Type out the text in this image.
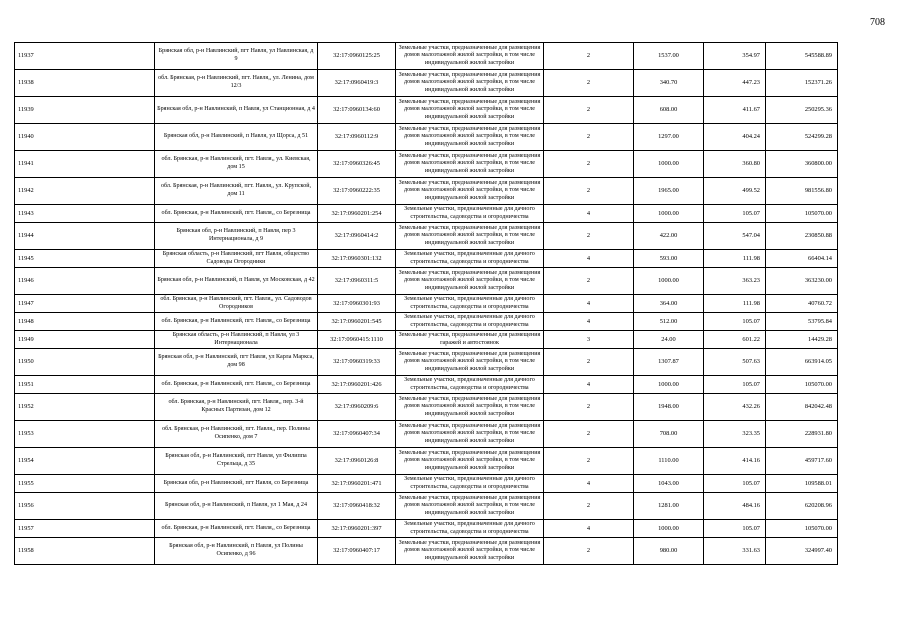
708
11937	Брянская обл, р-н Навлинский, пгт Навля, ул Навлинская, д 9	32:17:0960125:25	Земельные участки, предназначенные для размещения домов малоэтажной жилой застройки, в том числе индивидуальной жилой застройки	2	1537.00	354.97	545588.89
11938	обл. Брянская, р-н Навлинский, пгт. Навля,, ул. Ленина, дом 12/3	32:17:0960419:3	Земельные участки, предназначенные для размещения домов малоэтажной жилой застройки, в том числе индивидуальной жилой застройки	2	340.70	447.23	152371.26
11939	Брянская обл, р-н Навлинский, п Навля, ул Станционная, д 4	32:17:0960134:60	Земельные участки, предназначенные для размещения домов малоэтажной жилой застройки, в том числе индивидуальной жилой застройки	2	608.00	411.67	250295.36
11940	Брянская обл, р-н Навлинский, п Навля, ул Щорса, д 51	32:17:0960112:9	Земельные участки, предназначенные для размещения домов малоэтажной жилой застройки, в том числе индивидуальной жилой застройки	2	1297.00	404.24	524299.28
11941	обл. Брянская, р-н Навлинский, пгт. Навля,, ул. Киевская, дом 15	32:17:0960326:45	Земельные участки, предназначенные для размещения домов малоэтажной жилой застройки, в том числе индивидуальной жилой застройки	2	1000.00	360.80	360800.00
11942	обл. Брянская, р-н Навлинский, пгт. Навля,, ул. Крупской, дом 11	32:17:0960222:35	Земельные участки, предназначенные для размещения домов малоэтажной жилой застройки, в том числе индивидуальной жилой застройки	2	1965.00	499.52	981556.80
11943	обл. Брянская, р-н Навлинский, пгт. Навля,, со Березница	32:17:0960201:254	Земельные участки, предназначенные для дачного строительства, садоводства и огородничества	4	1000.00	105.07	105070.00
11944	Брянская обл, р-н Навлинский, п Навля, пер 3 Интернационала, д 9	32:17:0960414:2	Земельные участки, предназначенные для размещения домов малоэтажной жилой застройки, в том числе индивидуальной жилой застройки	2	422.00	547.04	230850.88
11945	Брянская область, р-н Навлинский, пгт Навля, общество Садоводы Огородники	32:17:0960301:132	Земельные участки, предназначенные для дачного строительства, садоводства и огородничества	4	593.00	111.98	66404.14
11946	Брянская обл, р-н Навлинский, п Навля, ул Московская, д 42	32:17:0960311:5	Земельные участки, предназначенные для размещения домов малоэтажной жилой застройки, в том числе индивидуальной жилой застройки	2	1000.00	363.23	363230.00
11947	обл. Брянская, р-н Навлинский, пгт. Навля,, ул. Садоводов Огородников	32:17:0960301:93	Земельные участки, предназначенные для дачного строительства, садоводства и огородничества	4	364.00	111.98	40760.72
11948	обл. Брянская, р-н Навлинский, пгт. Навля,, со Березница	32:17:0960201:545	Земельные участки, предназначенные для дачного строительства, садоводства и огородничества	4	512.00	105.07	53795.84
11949	Брянская область, р-н Навлинский, п Навля, ул 3 Интернационала	32:17:0960415:1110	Земельные участки, предназначенные для размещения гаражей и автостоянок	3	24.00	601.22	14429.28
11950	Брянская обл, р-н Навлинский, пгт Навля, ул Карла Маркса, дом 98	32:17:0960319:33	Земельные участки, предназначенные для размещения домов малоэтажной жилой застройки, в том числе индивидуальной жилой застройки	2	1307.87	507.63	663914.05
11951	обл. Брянская, р-н Навлинский, пгт. Навля,, со Березница	32:17:0960201:426	Земельные участки, предназначенные для дачного строительства, садоводства и огородничества	4	1000.00	105.07	105070.00
11952	обл. Брянская, р-н Навлинский, пгт. Навля,, пер. 3-й Красных Партизан, дом 12	32:17:0960209:6	Земельные участки, предназначенные для размещения домов малоэтажной жилой застройки, в том числе индивидуальной жилой застройки	2	1948.00	432.26	842042.48
11953	обл. Брянская, р-н Навлинский, пгт. Навля,, пер. Полины Осипенко, дом 7	32:17:0960407:34	Земельные участки, предназначенные для размещения домов малоэтажной жилой застройки, в том числе индивидуальной жилой застройки	2	708.00	323.35	228931.80
11954	Брянская обл, р-н Навлинский, пгт Навля, ул Филиппа Стрельца, д 35	32:17:0960126:8	Земельные участки, предназначенные для размещения домов малоэтажной жилой застройки, в том числе индивидуальной жилой застройки	2	1110.00	414.16	459717.60
11955	Брянская обл, р-н Навлинский, пгт Навля, со Березница	32:17:0960201:471	Земельные участки, предназначенные для дачного строительства, садоводства и огородничества	4	1043.00	105.07	109588.01
11956	Брянская обл, р-н Навлинский, п Навля, ул 1 Мая, д 24	32:17:0960418:32	Земельные участки, предназначенные для размещения домов малоэтажной жилой застройки, в том числе индивидуальной жилой застройки	2	1281.00	484.16	620208.96
11957	обл. Брянская, р-н Навлинский, пгт. Навля,, со Березница	32:17:0960201:397	Земельные участки, предназначенные для дачного строительства, садоводства и огородничества	4	1000.00	105.07	105070.00
11958	Брянская обл, р-н Навлинский, п Навля, ул Полины Осипенко, д 96	32:17:0960407:17	Земельные участки, предназначенные для размещения домов малоэтажной жилой застройки, в том числе индивидуальной жилой застройки	2	980.00	331.63	324997.40
